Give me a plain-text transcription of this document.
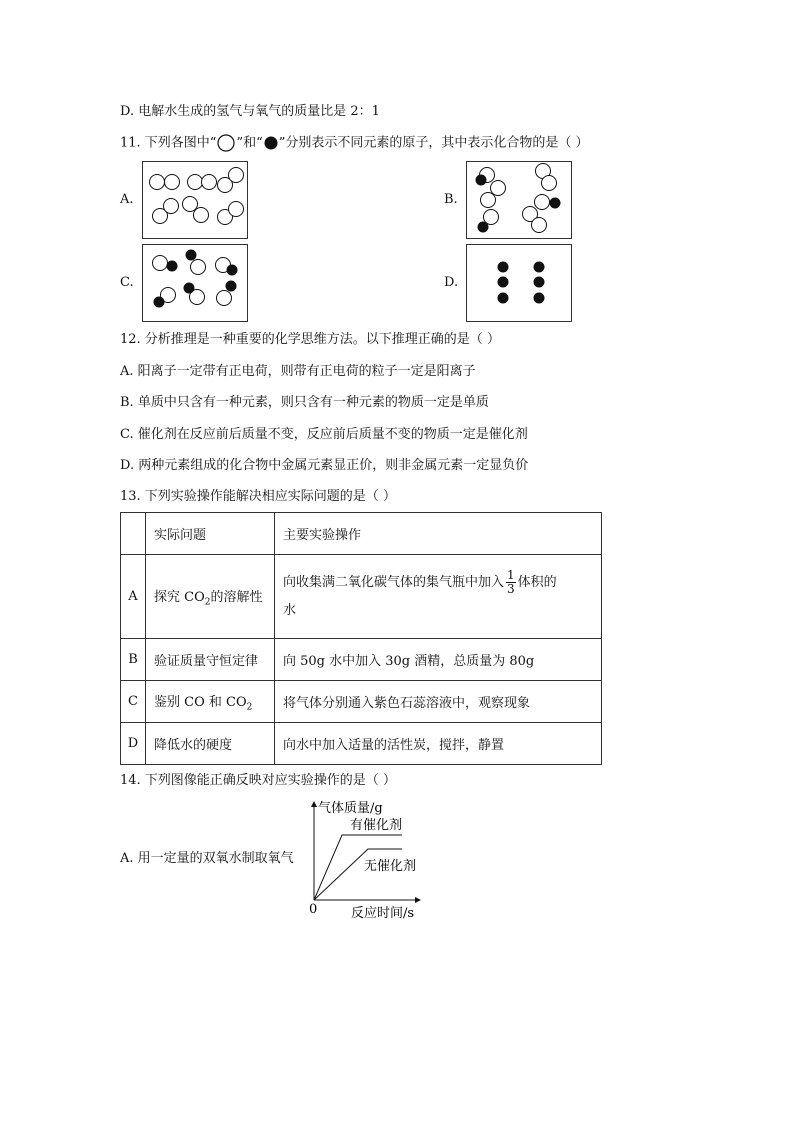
D. 电解水生成的氢气与氧气的质量比是 2：1
11. 下列各图中“ ”和“ ”分别表示不同元素的原子，其中表示化合物的是（ ）
A.	B.
C.	D.
12. 分析推理是一种重要的化学思维方法。以下推理正确的是（ ）
A. 阳离子一定带有正电荷，则带有正电荷的粒子一定是阳离子
B. 单质中只含有一种元素，则只含有一种元素的物质一定是单质
C. 催化剂在反应前后质量不变，反应前后质量不变的物质一定是催化剂
D. 两种元素组成的化合物中金属元素显正价，则非金属元素一定显负价
13. 下列实验操作能解决相应实际问题的是（ ）
	实际问题	主要实验操作
A	探究 $CO_2$的溶解性	向收集满二氧化碳气体的集气瓶中加入 $\frac{1}{3}$ 体积的
水

B	验证质量守恒定律	向 50g 水中加入 30g 酒精，总质量为 80g
C	鉴别 CO 和 $CO_2$	将气体分别通入紫色石蕊溶液中，观察现象
D	降低水的硬度	向水中加入适量的活性炭，搅拌，静置
14. 下列图像能正确反映对应实验操作的是（ ）
A. 用一定量的双氧水制取氧气
气体质量/g
有催化剂
无催化剂
0	反应时间/s
